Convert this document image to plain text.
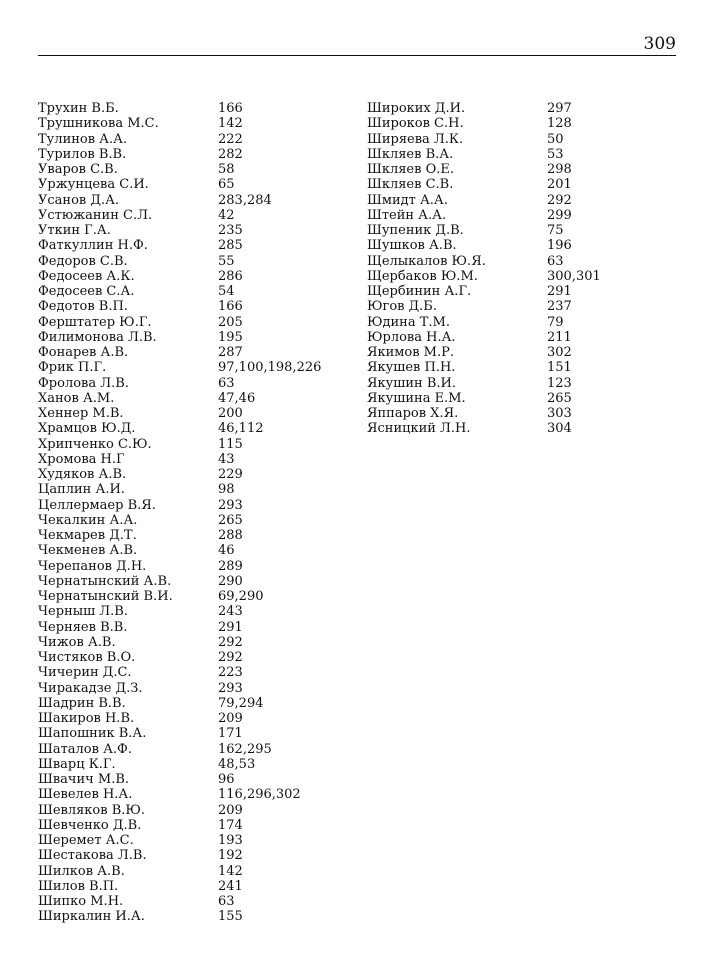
309
Трухин В.Б.	166
Трушникова М.С.	142
Тулинов А.А.	222
Турилов В.В.	282
Уваров С.В.	58
Уржунцева С.И.	65
Усанов Д.А.	283,284
Устюжанин С.Л.	42
Уткин Г.А.	235
Фаткуллин Н.Ф.	285
Федоров С.В.	55
Федосеев А.К.	286
Федосеев С.А.	54
Федотов В.П.	166
Ферштатер Ю.Г.	205
Филимонова Л.В.	195
Фонарев А.В.	287
Фрик П.Г.	97,100,198,226
Фролова Л.В.	63
Ханов А.М.	47,46
Хеннер М.В.	200
Храмцов Ю.Д.	46,112
Хрипченко С.Ю.	115
Хромова Н.Г	43
Худяков А.В.	229
Цаплин А.И.	98
Целлермаер В.Я.	293
Чекалкин А.А.	265
Чекмарев Д.Т.	288
Чекменев А.В.	46
Черепанов Д.Н.	289
Чернатынский А.В.	290
Чернатынский В.И.	69,290
Черныш Л.В.	243
Черняев В.В.	291
Чижов А.В.	292
Чистяков В.О.	292
Чичерин Д.С.	223
Чиракадзе Д.З.	293
Шадрин В.В.	79,294
Шакиров Н.В.	209
Шапошник В.А.	171
Шаталов А.Ф.	162,295
Шварц К.Г.	48,53
Швачич М.В.	96
Шевелев Н.А.	116,296,302
Шевляков В.Ю.	209
Шевченко Д.В.	174
Шеремет А.С.	193
Шестакова Л.В.	192
Шилков А.В.	142
Шилов В.П.	241
Шипко М.Н.	63
Ширкалин И.А.	155
Широких Д.И.	297
Широков С.Н.	128
Ширяева Л.К.	50
Шкляев В.А.	53
Шкляев О.Е.	298
Шкляев С.В.	201
Шмидт А.А.	292
Штейн А.А.	299
Шупеник Д.В.	75
Шушков А.В.	196
Щелыкалов Ю.Я.	63
Щербаков Ю.М.	300,301
Щербинин А.Г.	291
Югов Д.Б.	237
Юдина Т.М.	79
Юрлова Н.А.	211
Якимов М.Р.	302
Якушев П.Н.	151
Якушин В.И.	123
Якушина Е.М.	265
Яппаров Х.Я.	303
Ясницкий Л.Н.	304
